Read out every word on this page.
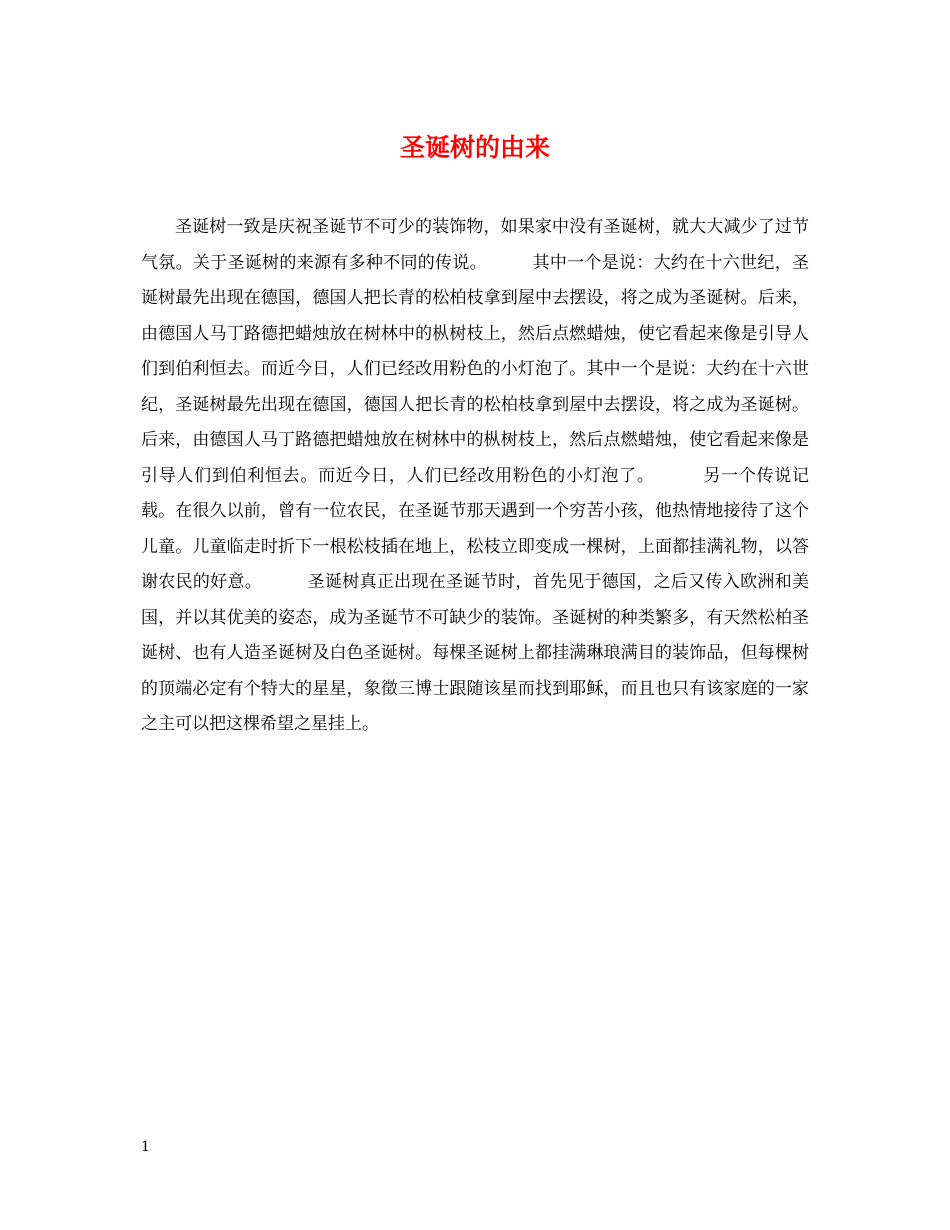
圣诞树的由来

圣诞树一致是庆祝圣诞节不可少的装饰物，如果家中没有圣诞树，就大大减少了过节气氛。关于圣诞树的来源有多种不同的传说。        其中一个是说：大约在十六世纪，圣诞树最先出现在德国，德国人把长青的松柏枝拿到屋中去摆设，将之成为圣诞树。后来，由德国人马丁路德把蜡烛放在树林中的枞树枝上，然后点燃蜡烛，使它看起来像是引导人们到伯利恒去。而近今日，人们已经改用粉色的小灯泡了。其中一个是说：大约在十六世纪，圣诞树最先出现在德国，德国人把长青的松柏枝拿到屋中去摆设，将之成为圣诞树。后来，由德国人马丁路德把蜡烛放在树林中的枞树枝上，然后点燃蜡烛，使它看起来像是引导人们到伯利恒去。而近今日，人们已经改用粉色的小灯泡了。        另一个传说记载。在很久以前，曾有一位农民，在圣诞节那天遇到一个穷苦小孩，他热情地接待了这个儿童。儿童临走时折下一根松枝插在地上，松枝立即变成一棵树，上面都挂满礼物，以答谢农民的好意。        圣诞树真正出现在圣诞节时，首先见于德国，之后又传入欧洲和美国，并以其优美的姿态，成为圣诞节不可缺少的装饰。圣诞树的种类繁多，有天然松柏圣诞树、也有人造圣诞树及白色圣诞树。每棵圣诞树上都挂满琳琅满目的装饰品，但每棵树的顶端必定有个特大的星星，象徵三博士跟随该星而找到耶稣，而且也只有该家庭的一家之主可以把这棵希望之星挂上。

1
